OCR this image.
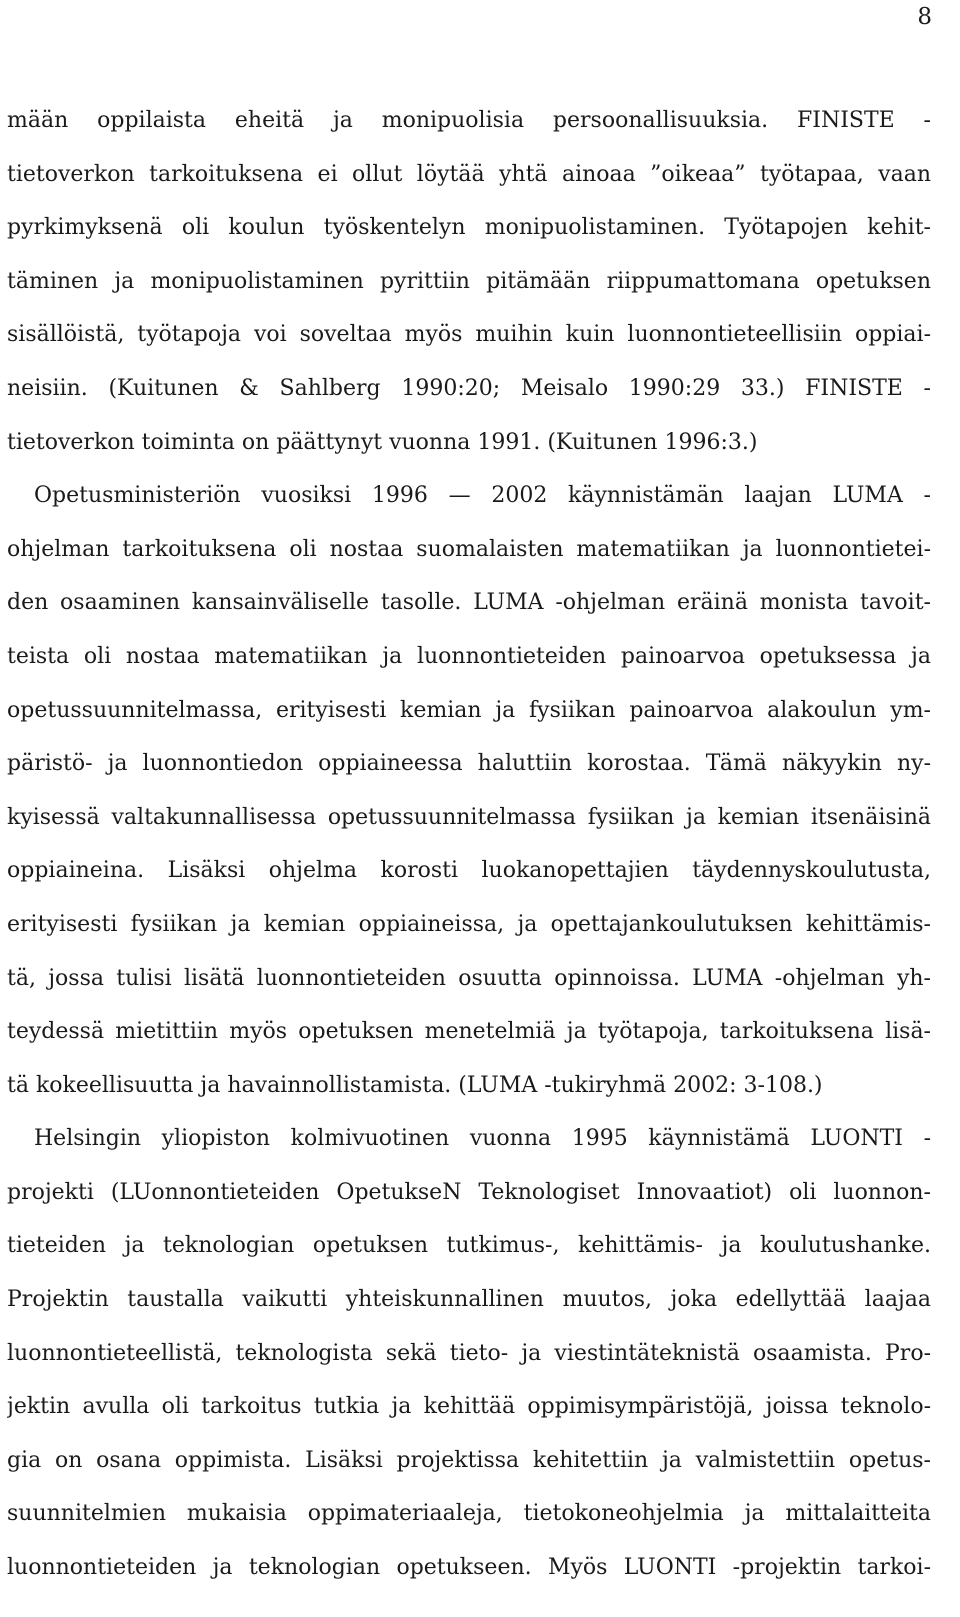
8
mään oppilaista eheitä ja monipuolisia persoonallisuuksia. FINISTE -
tietoverkon tarkoituksena ei ollut löytää yhtä ainoaa ”oikeaa” työtapaa, vaan
pyrkimyksenä oli koulun työskentelyn monipuolistaminen. Työtapojen kehit-
täminen ja monipuolistaminen pyrittiin pitämään riippumattomana opetuksen
sisällöistä, työtapoja voi soveltaa myös muihin kuin luonnontieteellisiin oppiai-
neisiin. (Kuitunen & Sahlberg 1990:20; Meisalo 1990:29 33.) FINISTE -
tietoverkon toiminta on päättynyt vuonna 1991. (Kuitunen 1996:3.)
Opetusministeriön vuosiksi 1996 — 2002 käynnistämän laajan LUMA -
ohjelman tarkoituksena oli nostaa suomalaisten matematiikan ja luonnontietei-
den osaaminen kansainväliselle tasolle. LUMA -ohjelman eräinä monista tavoit-
teista oli nostaa matematiikan ja luonnontieteiden painoarvoa opetuksessa ja
opetussuunnitelmassa, erityisesti kemian ja fysiikan painoarvoa alakoulun ym-
päristö- ja luonnontiedon oppiaineessa haluttiin korostaa. Tämä näkyykin ny-
kyisessä valtakunnallisessa opetussuunnitelmassa fysiikan ja kemian itsenäisinä
oppiaineina. Lisäksi ohjelma korosti luokanopettajien täydennyskoulutusta,
erityisesti fysiikan ja kemian oppiaineissa, ja opettajankoulutuksen kehittämis-
tä, jossa tulisi lisätä luonnontieteiden osuutta opinnoissa. LUMA -ohjelman yh-
teydessä mietittiin myös opetuksen menetelmiä ja työtapoja, tarkoituksena lisä-
tä kokeellisuutta ja havainnollistamista. (LUMA -tukiryhmä 2002: 3-108.)
Helsingin yliopiston kolmivuotinen vuonna 1995 käynnistämä LUONTI -
projekti (LUonnontieteiden OpetukseN Teknologiset Innovaatiot) oli luonnon-
tieteiden ja teknologian opetuksen tutkimus-, kehittämis- ja koulutushanke.
Projektin taustalla vaikutti yhteiskunnallinen muutos, joka edellyttää laajaa
luonnontieteellistä, teknologista sekä tieto- ja viestintäteknistä osaamista. Pro-
jektin avulla oli tarkoitus tutkia ja kehittää oppimisympäristöjä, joissa teknolo-
gia on osana oppimista. Lisäksi projektissa kehitettiin ja valmistettiin opetus-
suunnitelmien mukaisia oppimateriaaleja, tietokoneohjelmia ja mittalaitteita
luonnontieteiden ja teknologian opetukseen. Myös LUONTI -projektin tarkoi-
